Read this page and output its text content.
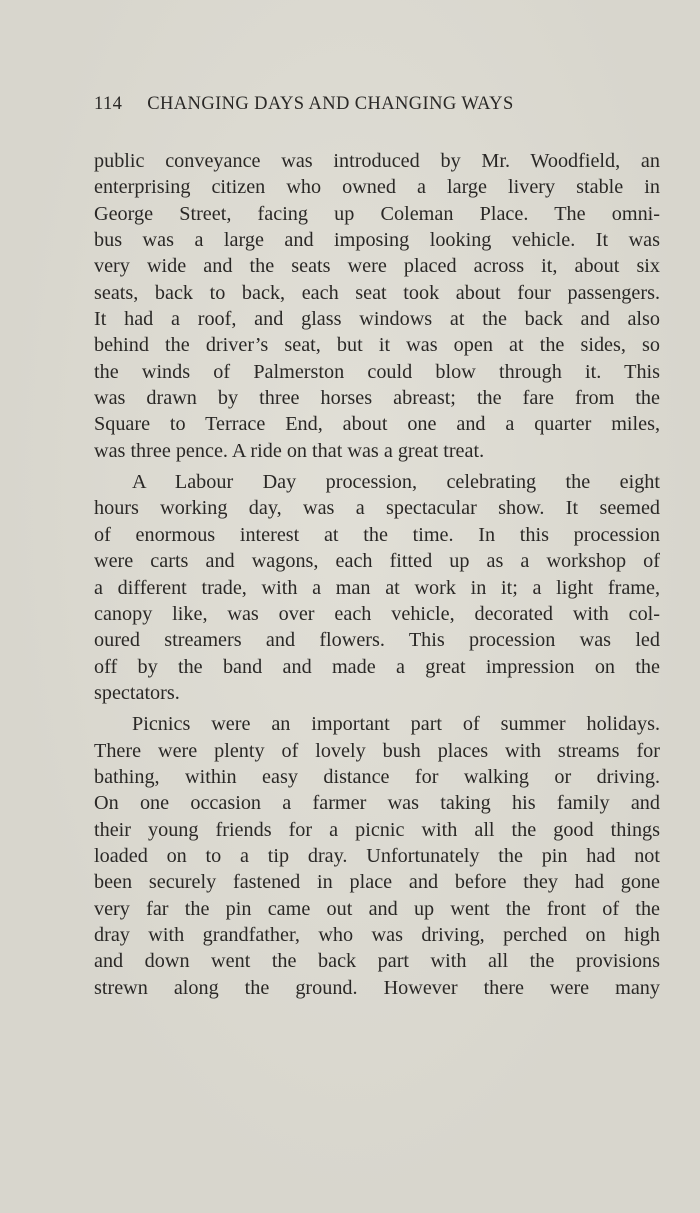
114 CHANGING DAYS AND CHANGING WAYS
public conveyance was introduced by Mr. Woodfield, an
enterprising citizen who owned a large livery stable in
George Street, facing up Coleman Place. The omni-
bus was a large and imposing looking vehicle. It was
very wide and the seats were placed across it, about six
seats, back to back, each seat took about four passengers.
It had a roof, and glass windows at the back and also
behind the driver’s seat, but it was open at the sides, so
the winds of Palmerston could blow through it. This
was drawn by three horses abreast; the fare from the
Square to Terrace End, about one and a quarter miles,
was three pence. A ride on that was a great treat.
A Labour Day procession, celebrating the eight
hours working day, was a spectacular show. It seemed
of enormous interest at the time. In this procession
were carts and wagons, each fitted up as a workshop of
a different trade, with a man at work in it; a light frame,
canopy like, was over each vehicle, decorated with col-
oured streamers and flowers. This procession was led
off by the band and made a great impression on the
spectators.
Picnics were an important part of summer holidays.
There were plenty of lovely bush places with streams for
bathing, within easy distance for walking or driving.
On one occasion a farmer was taking his family and
their young friends for a picnic with all the good things
loaded on to a tip dray. Unfortunately the pin had not
been securely fastened in place and before they had gone
very far the pin came out and up went the front of the
dray with grandfather, who was driving, perched on high
and down went the back part with all the provisions
strewn along the ground. However there were many
